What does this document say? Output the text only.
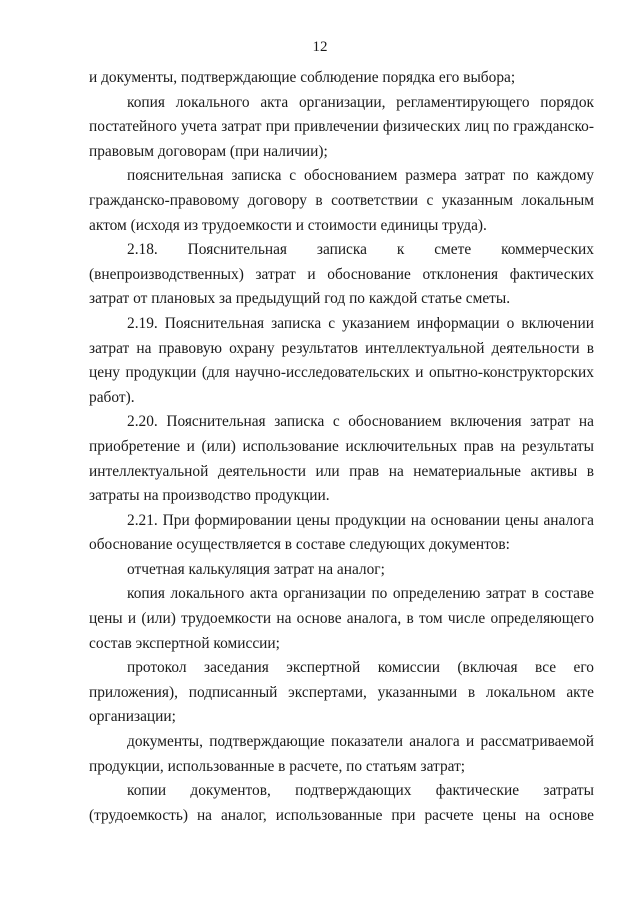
12

и документы, подтверждающие соблюдение порядка его выбора;

копия локального акта организации, регламентирующего порядок постатейного учета затрат при привлечении физических лиц по гражданско-правовым договорам (при наличии);

пояснительная записка с обоснованием размера затрат по каждому гражданско-правовому договору в соответствии с указанным локальным актом (исходя из трудоемкости и стоимости единицы труда).

2.18. Пояснительная записка к смете коммерческих (внепроизводственных) затрат и обоснование отклонения фактических затрат от плановых за предыдущий год по каждой статье сметы.

2.19. Пояснительная записка с указанием информации о включении затрат на правовую охрану результатов интеллектуальной деятельности в цену продукции (для научно-исследовательских и опытно-конструкторских работ).

2.20. Пояснительная записка с обоснованием включения затрат на приобретение и (или) использование исключительных прав на результаты интеллектуальной деятельности или прав на нематериальные активы в затраты на производство продукции.

2.21. При формировании цены продукции на основании цены аналога обоснование осуществляется в составе следующих документов:

отчетная калькуляция затрат на аналог;

копия локального акта организации по определению затрат в составе цены и (или) трудоемкости на основе аналога, в том числе определяющего состав экспертной комиссии;

протокол заседания экспертной комиссии (включая все его приложения), подписанный экспертами, указанными в локальном акте организации;

документы, подтверждающие показатели аналога и рассматриваемой продукции, использованные в расчете, по статьям затрат;

копии документов, подтверждающих фактические затраты (трудоемкость) на аналог, использованные при расчете цены на основе
